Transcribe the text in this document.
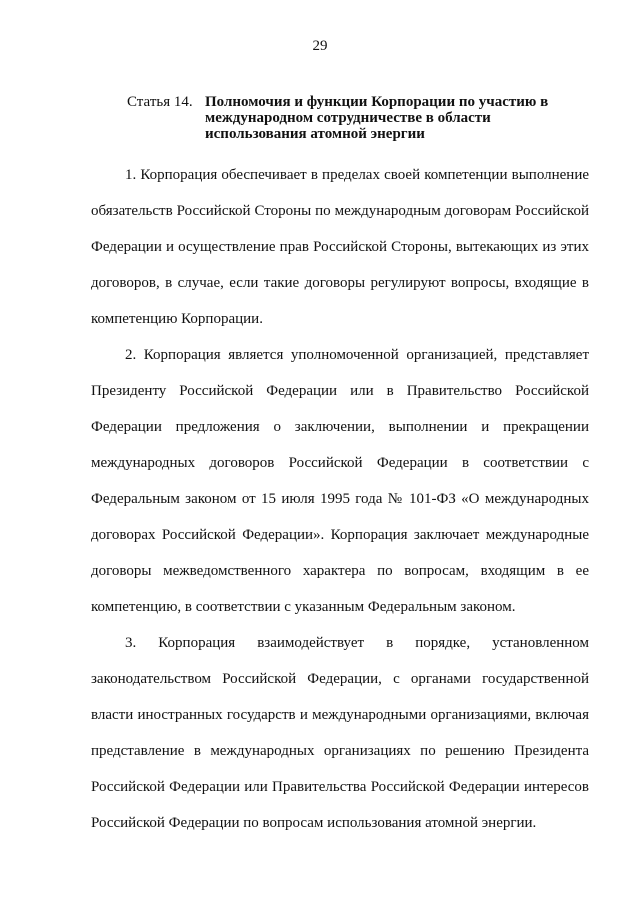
29
Статья 14. Полномочия и функции Корпорации по участию в международном сотрудничестве в области использования атомной энергии

1. Корпорация обеспечивает в пределах своей компетенции выполнение обязательств Российской Стороны по международным договорам Российской Федерации и осуществление прав Российской Стороны, вытекающих из этих договоров, в случае, если такие договоры регулируют вопросы, входящие в компетенцию Корпорации.

2. Корпорация является уполномоченной организацией, представляет Президенту Российской Федерации или в Правительство Российской Федерации предложения о заключении, выполнении и прекращении международных договоров Российской Федерации в соответствии с Федеральным законом от 15 июля 1995 года № 101-ФЗ «О международных договорах Российской Федерации». Корпорация заключает международные договоры межведомственного характера по вопросам, входящим в ее компетенцию, в соответствии с указанным Федеральным законом.

3. Корпорация взаимодействует в порядке, установленном законодательством Российской Федерации, с органами государственной власти иностранных государств и международными организациями, включая представление в международных организациях по решению Президента Российской Федерации или Правительства Российской Федерации интересов Российской Федерации по вопросам использования атомной энергии.
